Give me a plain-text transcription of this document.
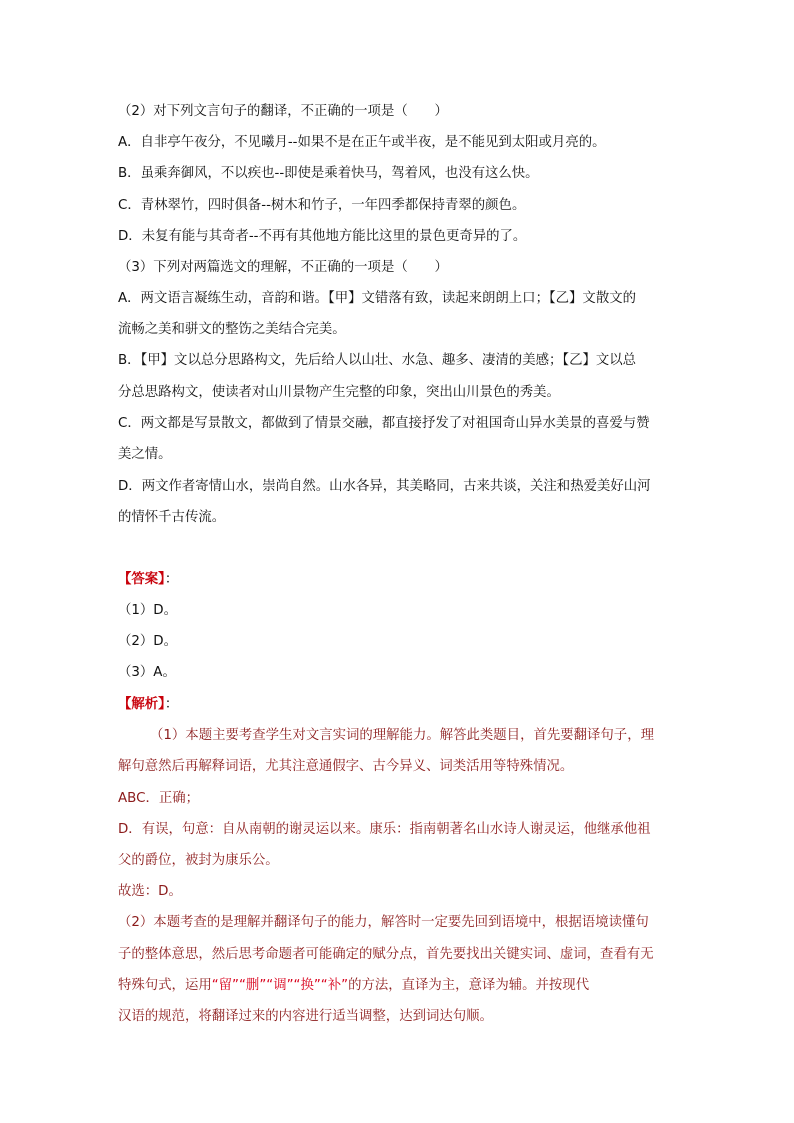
（2）对下列文言句子的翻译，不正确的一项是（　　）
A．自非亭午夜分，不见曦月--如果不是在正午或半夜，是不能见到太阳或月亮的。
B．虽乘奔御风，不以疾也--即使是乘着快马，驾着风，也没有这么快。
C．青林翠竹，四时俱备--树木和竹子，一年四季都保持青翠的颜色。
D．未复有能与其奇者--不再有其他地方能比这里的景色更奇异的了。
（3）下列对两篇选文的理解，不正确的一项是（　　）
A．两文语言凝练生动，音韵和谐。【甲】文错落有致，读起来朗朗上口；【乙】文散文的
流畅之美和骈文的整饬之美结合完美。
B．【甲】文以总分思路构文，先后给人以山壮、水急、趣多、凄清的美感；【乙】文以总
分总思路构文，使读者对山川景物产生完整的印象，突出山川景色的秀美。
C．两文都是写景散文，都做到了情景交融，都直接抒发了对祖国奇山异水美景的喜爱与赞
美之情。
D．两文作者寄情山水，崇尚自然。山水各异，其美略同，古来共谈，关注和热爱美好山河
的情怀千古传流。
【答案】：
（1）D。
（2）D。
（3）A。
【解析】：
（1）本题主要考查学生对文言实词的理解能力。解答此类题目，首先要翻译句子，理
解句意然后再解释词语，尤其注意通假字、古今异义、词类活用等特殊情况。
ABC．正确；
D．有误，句意：自从南朝的谢灵运以来。康乐：指南朝著名山水诗人谢灵运，他继承他祖
父的爵位，被封为康乐公。
故选：D。
（2）本题考查的是理解并翻译句子的能力，解答时一定要先回到语境中，根据语境读懂句
子的整体意思，然后思考命题者可能确定的赋分点，首先要找出关键实词、虚词，查看有无
特殊句式，运用“留”“删”“调”“换”“补”的方法，直译为主，意译为辅。并按现代
汉语的规范，将翻译过来的内容进行适当调整，达到词达句顺。
